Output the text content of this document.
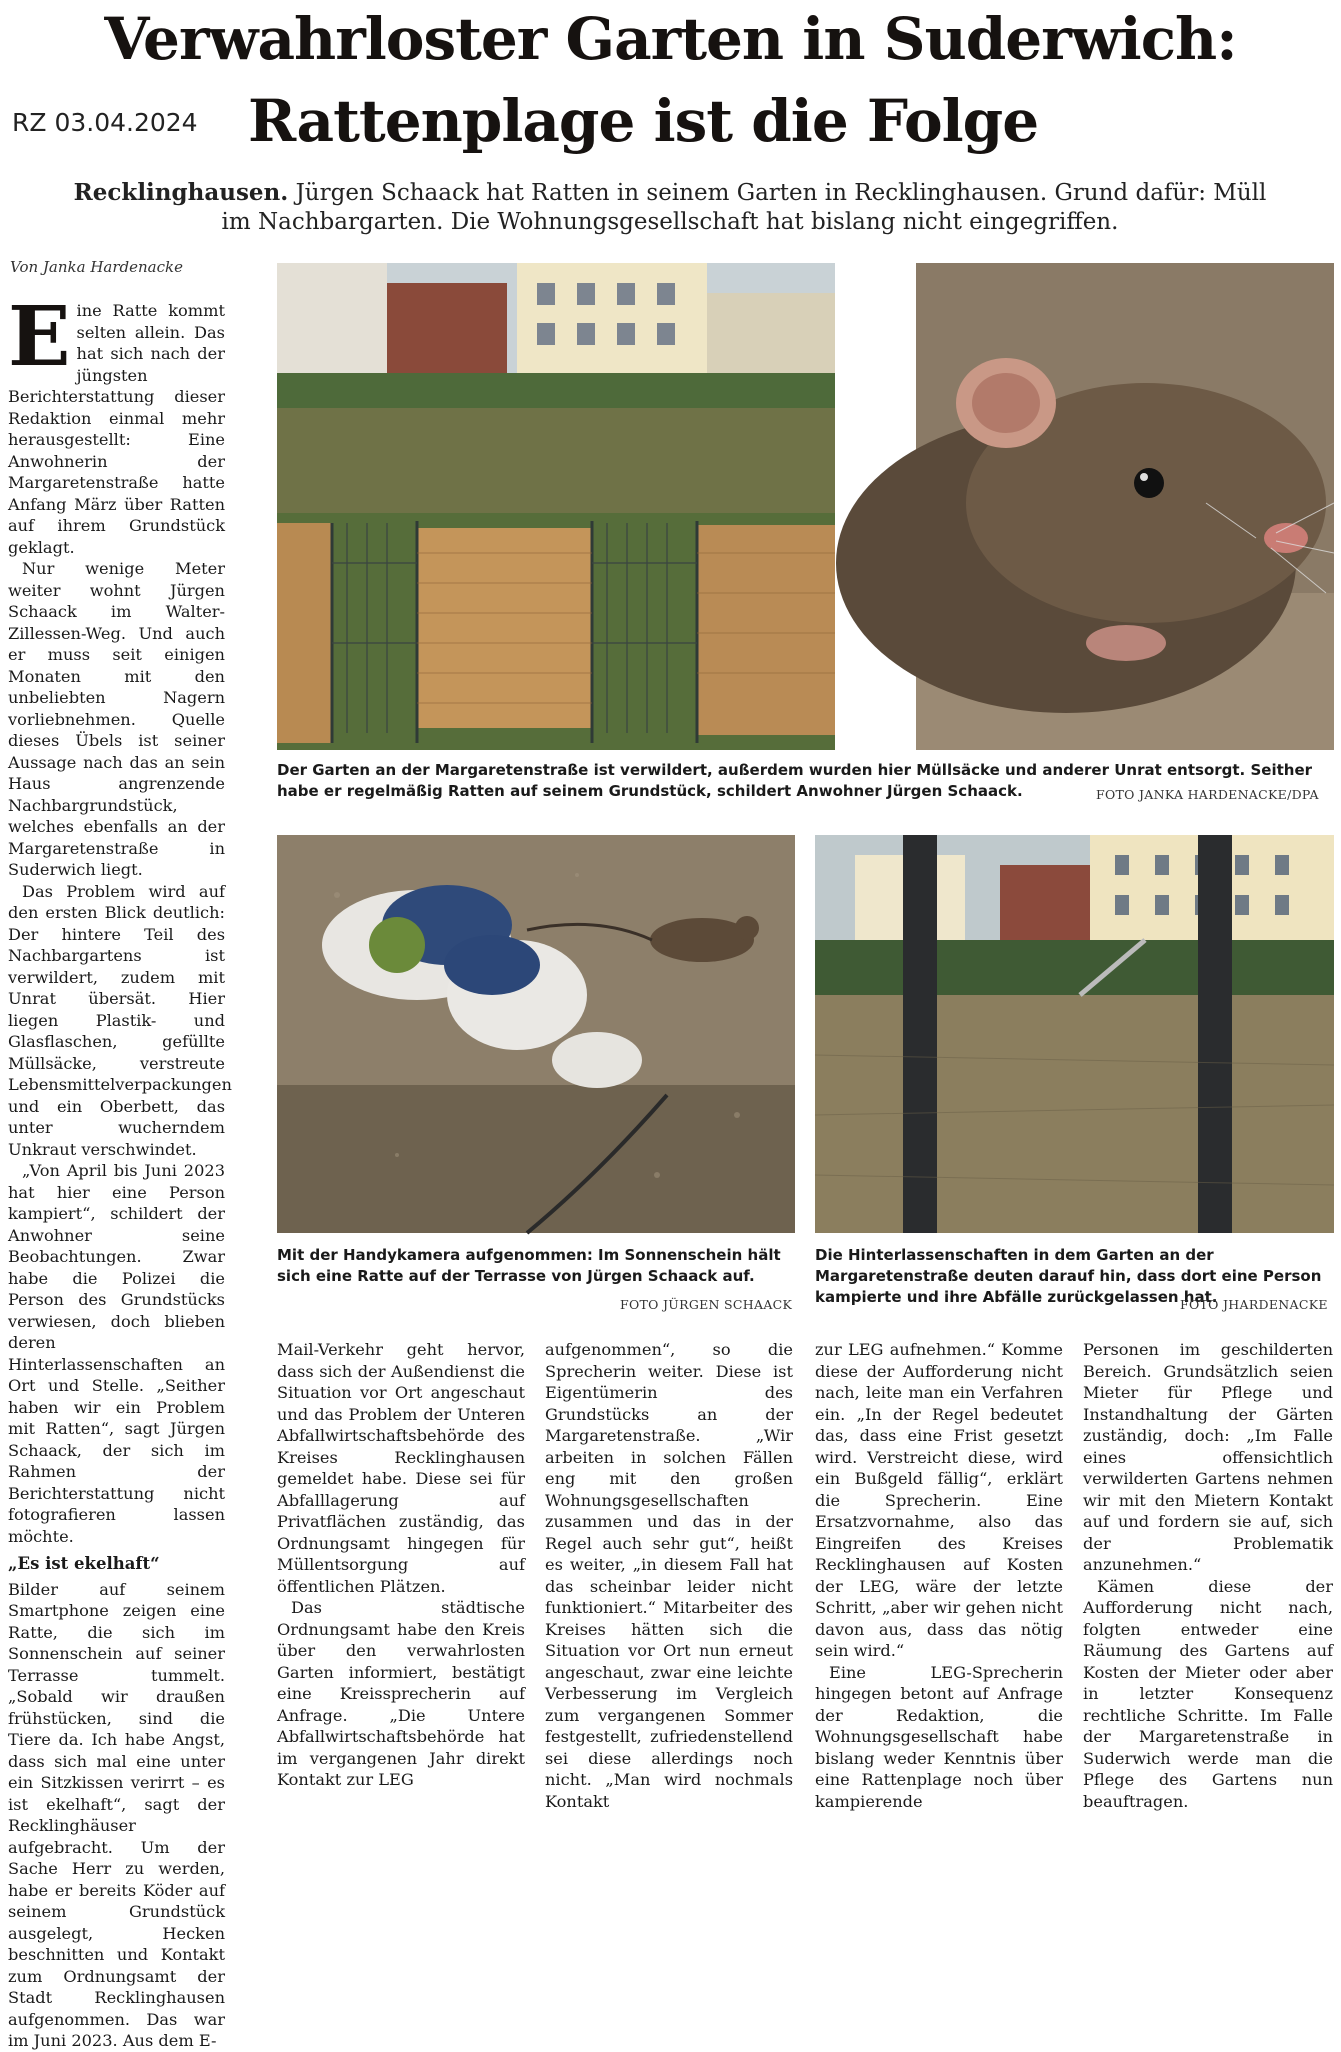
Verwahrloster Garten in Suderwich:
RZ 03.04.2024 Rattenplage ist die Folge
Recklinghausen. Jürgen Schaack hat Ratten in seinem Garten in Recklinghausen. Grund dafür: Müll im Nachbargarten. Die Wohnungsgesellschaft hat bislang nicht eingegriffen.
Von Janka Hardenacke

Eine Ratte kommt selten allein. Das hat sich nach der jüngsten Berichterstattung dieser Redaktion einmal mehr herausgestellt: Eine Anwohnerin der Margaretenstraße hatte Anfang März über Ratten auf ihrem Grundstück geklagt.

Nur wenige Meter weiter wohnt Jürgen Schaack im Walter-Zillessen-Weg. Und auch er muss seit einigen Monaten mit den unbeliebten Nagern vorliebnehmen. Quelle dieses Übels ist seiner Aussage nach das an sein Haus angrenzende Nachbargrundstück, welches ebenfalls an der Margaretenstraße in Suderwich liegt.

Das Problem wird auf den ersten Blick deutlich: Der hintere Teil des Nachbargartens ist verwildert, zudem mit Unrat übersät. Hier liegen Plastik- und Glasflaschen, gefüllte Müllsäcke, verstreute Lebensmittelverpackungen und ein Oberbett, das unter wucherndem Unkraut verschwindet.

„Von April bis Juni 2023 hat hier eine Person kampiert“, schildert der Anwohner seine Beobachtungen. Zwar habe die Polizei die Person des Grundstücks verwiesen, doch blieben deren Hinterlassenschaften an Ort und Stelle. „Seither haben wir ein Problem mit Ratten“, sagt Jürgen Schaack, der sich im Rahmen der Berichterstattung nicht fotografieren lassen möchte.

„Es ist ekelhaft“

Bilder auf seinem Smartphone zeigen eine Ratte, die sich im Sonnenschein auf seiner Terrasse tummelt. „Sobald wir draußen frühstücken, sind die Tiere da. Ich habe Angst, dass sich mal eine unter ein Sitzkissen verirrt – es ist ekelhaft“, sagt der Recklinghäuser aufgebracht. Um der Sache Herr zu werden, habe er bereits Köder auf seinem Grundstück ausgelegt, Hecken beschnitten und Kontakt zum Ordnungsamt der Stadt Recklinghausen aufgenommen. Das war im Juni 2023. Aus dem E-

Der Garten an der Margaretenstraße ist verwildert, außerdem wurden hier Müllsäcke und anderer Unrat entsorgt. Seither habe er regelmäßig Ratten auf seinem Grundstück, schildert Anwohner Jürgen Schaack.	FOTO JANKA HARDENACKE/DPA
Mit der Handykamera aufgenommen: Im Sonnenschein hält sich eine Ratte auf der Terrasse von Jürgen Schaack auf.
FOTO JÜRGEN SCHAACK
Die Hinterlassenschaften in dem Garten an der Margaretenstraße deuten darauf hin, dass dort eine Person kampierte und ihre Abfälle zurückgelassen hat.
FOTO JHARDENACKE

Mail-Verkehr geht hervor, dass sich der Außendienst die Situation vor Ort angeschaut und das Problem der Unteren Abfallwirtschaftsbehörde des Kreises Recklinghausen gemeldet habe. Diese sei für Abfalllagerung auf Privatflächen zuständig, das Ordnungsamt hingegen für Müllentsorgung auf öffentlichen Plätzen.

Das städtische Ordnungsamt habe den Kreis über den verwahrlosten Garten informiert, bestätigt eine Kreissprecherin auf Anfrage. „Die Untere Abfallwirtschaftsbehörde hat im vergangenen Jahr direkt Kontakt zur LEG

aufgenommen“, so die Sprecherin weiter. Diese ist Eigentümerin des Grundstücks an der Margaretenstraße. „Wir arbeiten in solchen Fällen eng mit den großen Wohnungsgesellschaften zusammen und das in der Regel auch sehr gut“, heißt es weiter, „in diesem Fall hat das scheinbar leider nicht funktioniert.“ Mitarbeiter des Kreises hätten sich die Situation vor Ort nun erneut angeschaut, zwar eine leichte Verbesserung im Vergleich zum vergangenen Sommer festgestellt, zufriedenstellend sei diese allerdings noch nicht. „Man wird nochmals Kontakt

zur LEG aufnehmen.“ Komme diese der Aufforderung nicht nach, leite man ein Verfahren ein. „In der Regel bedeutet das, dass eine Frist gesetzt wird. Verstreicht diese, wird ein Bußgeld fällig“, erklärt die Sprecherin. Eine Ersatzvornahme, also das Eingreifen des Kreises Recklinghausen auf Kosten der LEG, wäre der letzte Schritt, „aber wir gehen nicht davon aus, dass das nötig sein wird.“

Eine LEG-Sprecherin hingegen betont auf Anfrage der Redaktion, die Wohnungsgesellschaft habe bislang weder Kenntnis über eine Rattenplage noch über kampierende

Personen im geschilderten Bereich. Grundsätzlich seien Mieter für Pflege und Instandhaltung der Gärten zuständig, doch: „Im Falle eines offensichtlich verwilderten Gartens nehmen wir mit den Mietern Kontakt auf und fordern sie auf, sich der Problematik anzunehmen.“

Kämen diese der Aufforderung nicht nach, folgten entweder eine Räumung des Gartens auf Kosten der Mieter oder aber in letzter Konsequenz rechtliche Schritte. Im Falle der Margaretenstraße in Suderwich werde man die Pflege des Gartens nun beauftragen.
